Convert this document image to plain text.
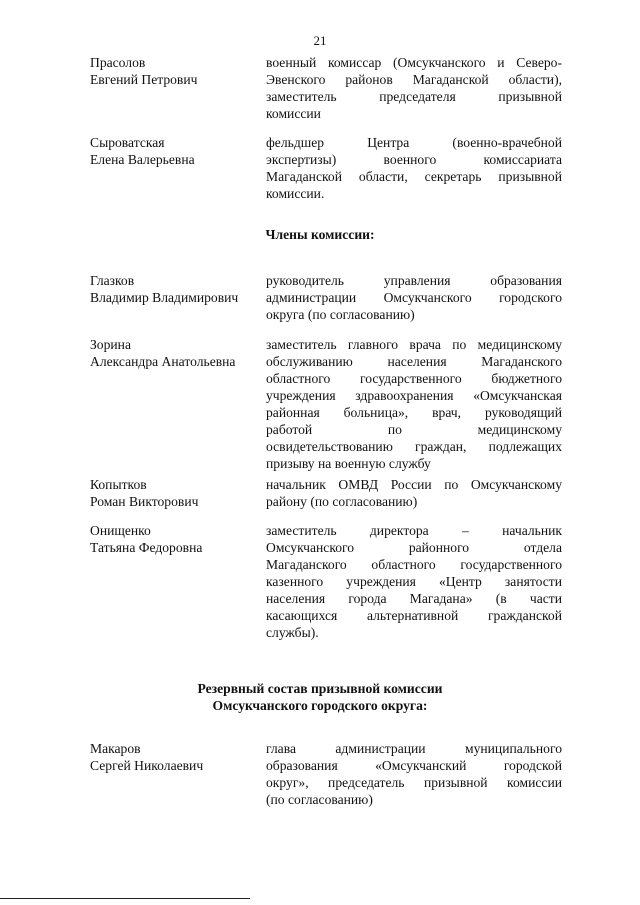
21
Прасолов
Евгений Петрович
военный комиссар (Омсукчанского и Северо-
Эвенского районов Магаданской области),
заместитель председателя призывной
комиссии
Сыроватская
Елена Валерьевна
фельдшер Центра (военно-врачебной
экспертизы) военного комиссариата
Магаданской области, секретарь призывной
комиссии.
Члены комиссии:
Глазков
Владимир Владимирович
руководитель управления образования
администрации Омсукчанского городского
округа (по согласованию)
Зорина
Александра Анатольевна
заместитель главного врача по медицинскому
обслуживанию населения Магаданского
областного государственного бюджетного
учреждения здравоохранения «Омсукчанская
районная больница», врач, руководящий
работой по медицинскому
освидетельствованию граждан, подлежащих
призыву на военную службу
Копытков
Роман Викторович
начальник ОМВД России по Омсукчанскому
району (по согласованию)
Онищенко
Татьяна Федоровна
заместитель директора – начальник
Омсукчанского районного отдела
Магаданского областного государственного
казенного учреждения «Центр занятости
населения города Магадана» (в части
касающихся альтернативной гражданской
службы).
Резервный состав призывной комиссии
Омсукчанского городского округа:
Макаров
Сергей Николаевич
глава администрации муниципального
образования «Омсукчанский городской
округ», председатель призывной комиссии
(по согласованию)
